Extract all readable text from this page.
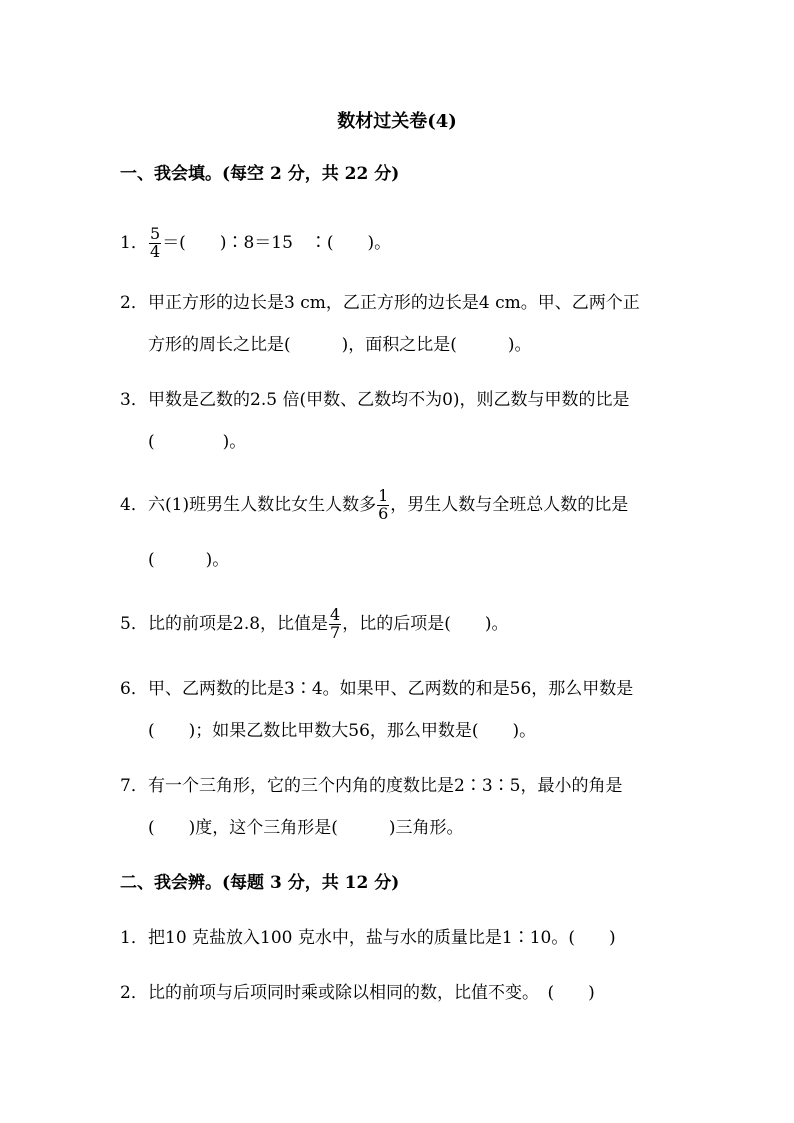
数材过关卷(4)
一、我会填。(每空 2 分，共 22 分)
1． $\frac{5}{4}$ ＝(　　)∶8＝15　∶(　　)。
2．甲正方形的边长是3 cm，乙正方形的边长是4 cm。甲、乙两个正
方形的周长之比是(　　　)，面积之比是(　　　)。
3．甲数是乙数的2.5 倍(甲数、乙数均不为0)，则乙数与甲数的比是
(　　　　)。
4．六(1)班男生人数比女生人数多 $\frac{1}{6}$ ，男生人数与全班总人数的比是
(　　　)。
5．比的前项是2.8，比值是 $\frac{4}{7}$ ，比的后项是(　　)。
6．甲、乙两数的比是3∶4。如果甲、乙两数的和是56，那么甲数是
(　　)；如果乙数比甲数大56，那么甲数是(　　)。
7．有一个三角形，它的三个内角的度数比是2∶3∶5，最小的角是
(　　)度，这个三角形是(　　　)三角形。
二、我会辨。(每题 3 分，共 12 分)
1．把10 克盐放入100 克水中，盐与水的质量比是1∶10。(　　)
2．比的前项与后项同时乘或除以相同的数，比值不变。　(　　)
